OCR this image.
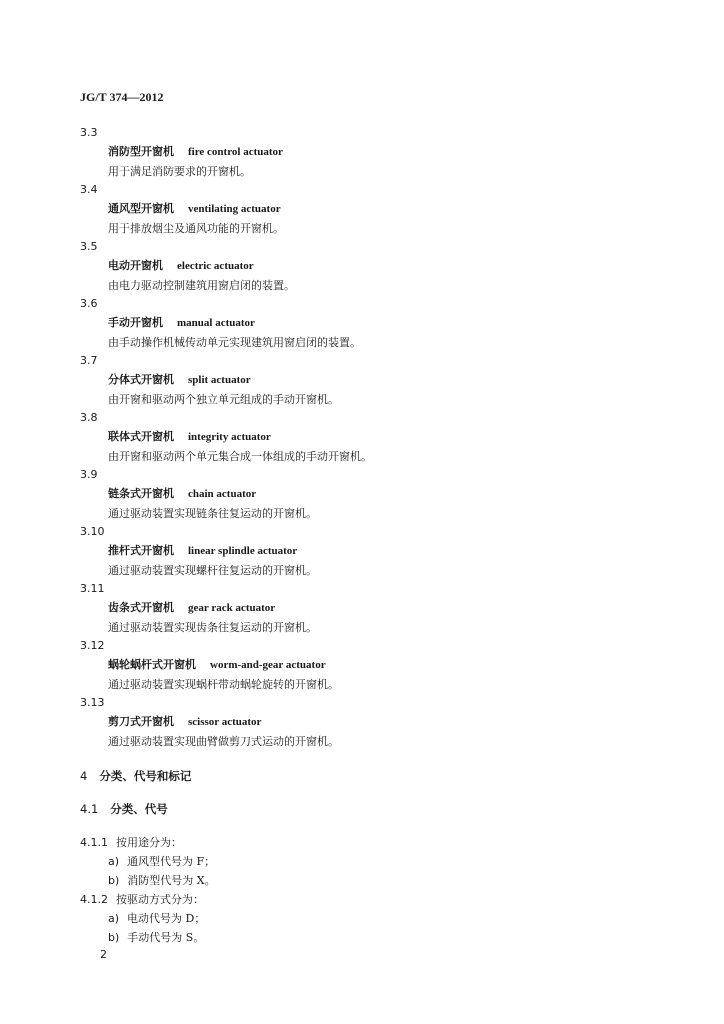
JG/T 374—2012
3.3
消防型开窗机 fire control actuator
用于满足消防要求的开窗机。
3.4
通风型开窗机 ventilating actuator
用于排放烟尘及通风功能的开窗机。
3.5
电动开窗机 electric actuator
由电力驱动控制建筑用窗启闭的装置。
3.6
手动开窗机 manual actuator
由手动操作机械传动单元实现建筑用窗启闭的装置。
3.7
分体式开窗机 split actuator
由开窗和驱动两个独立单元组成的手动开窗机。
3.8
联体式开窗机 integrity actuator
由开窗和驱动两个单元集合成一体组成的手动开窗机。
3.9
链条式开窗机 chain actuator
通过驱动装置实现链条往复运动的开窗机。
3.10
推杆式开窗机 linear splindle actuator
通过驱动装置实现螺杆往复运动的开窗机。
3.11
齿条式开窗机 gear rack actuator
通过驱动装置实现齿条往复运动的开窗机。
3.12
蜗轮蜗杆式开窗机 worm-and-gear actuator
通过驱动装置实现蜗杆带动蜗轮旋转的开窗机。
3.13
剪刀式开窗机 scissor actuator
通过驱动装置实现曲臂做剪刀式运动的开窗机。
4 分类、代号和标记
4.1 分类、代号
4.1.1 按用途分为：
a) 通风型代号为 F；
b) 消防型代号为 X。
4.1.2 按驱动方式分为：
a) 电动代号为 D；
b) 手动代号为 S。
2
